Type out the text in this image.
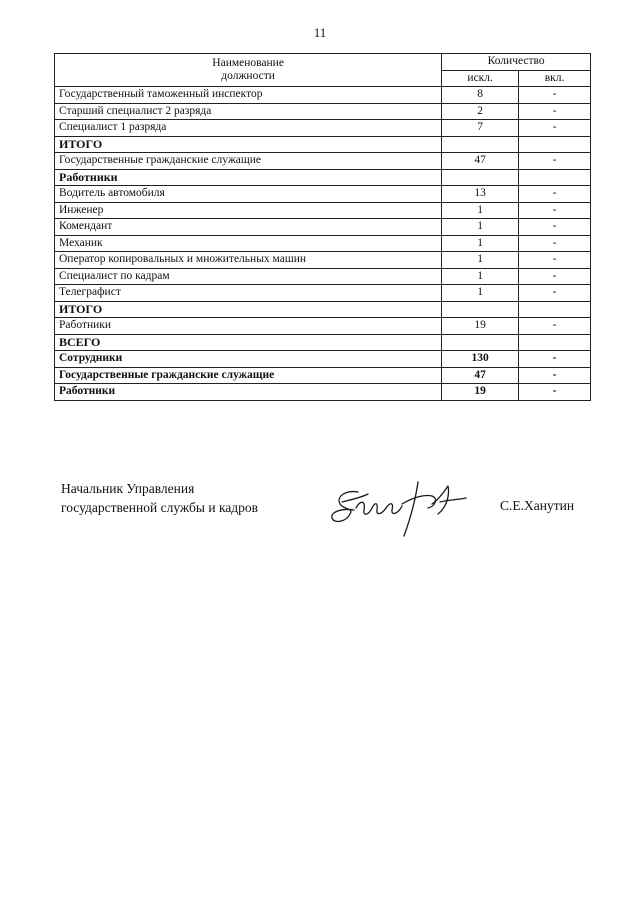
11
Наименование
должности	Количество	
	искл.	вкл.
Государственный таможенный инспектор	8	-
Старший специалист 2 разряда	2	-
Специалист 1 разряда	7	-
ИТОГО		
Государственные гражданские служащие	47	-
Работники		
Водитель автомобиля	13	-
Инженер	1	-
Комендант	1	-
Механик	1	-
Оператор копировальных и множительных машин	1	-
Специалист по кадрам	1	-
Телеграфист	1	-
ИТОГО		
Работники	19	-
ВСЕГО		
Сотрудники	130	-
Государственные гражданские служащие	47	-
Работники	19	-
Начальник Управления
государственной службы и кадров	С.Е.Ханутин
